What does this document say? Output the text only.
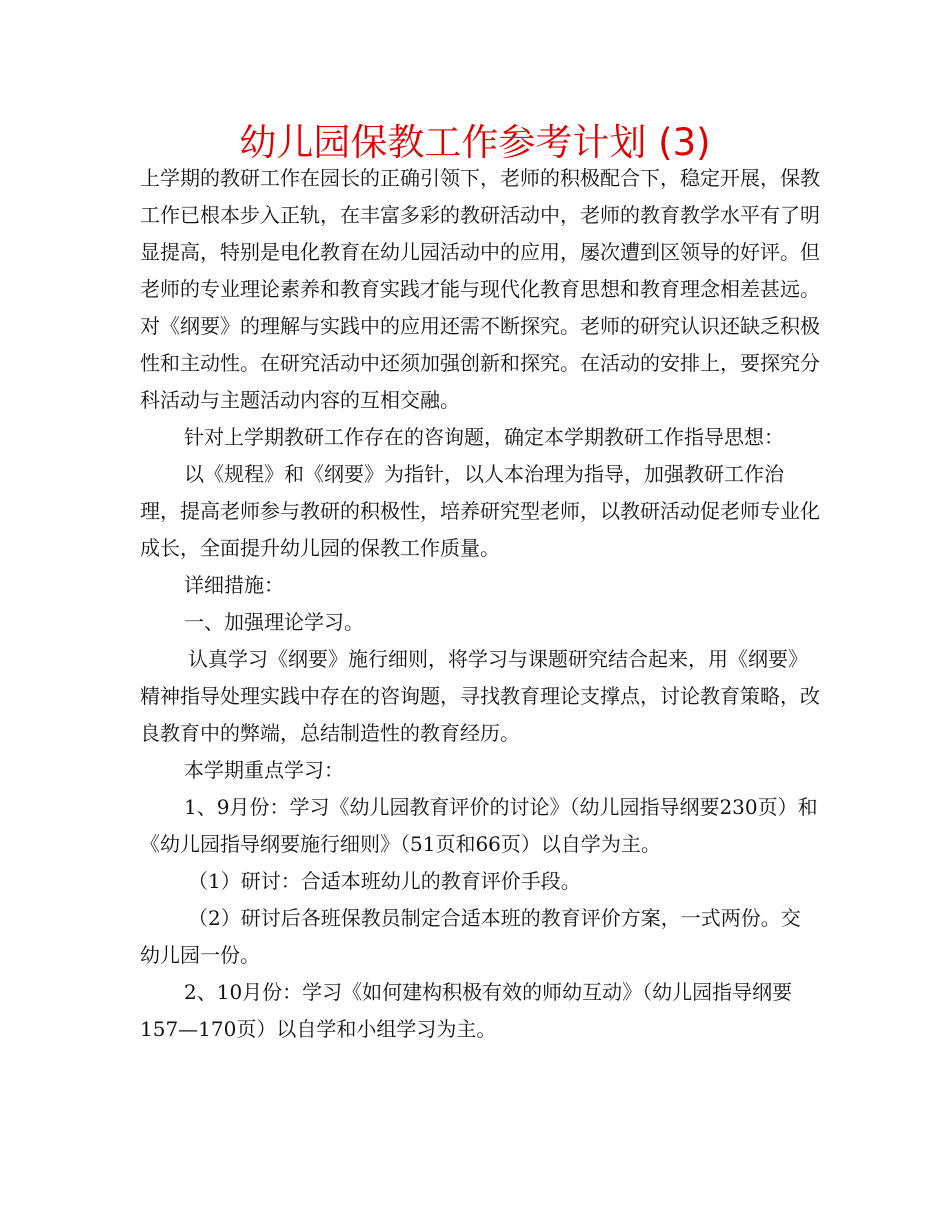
幼儿园保教工作参考计划 (3)

上学期的教研工作在园长的正确引领下，老师的积极配合下，稳定开展，保教工作已根本步入正轨，在丰富多彩的教研活动中，老师的教育教学水平有了明显提高，特别是电化教育在幼儿园活动中的应用，屡次遭到区领导的好评。但老师的专业理论素养和教育实践才能与现代化教育思想和教育理念相差甚远。对《纲要》的理解与实践中的应用还需不断探究。老师的研究认识还缺乏积极性和主动性。在研究活动中还须加强创新和探究。在活动的安排上，要探究分科活动与主题活动内容的互相交融。

针对上学期教研工作存在的咨询题，确定本学期教研工作指导思想：

以《规程》和《纲要》为指针，以人本治理为指导，加强教研工作治理，提高老师参与教研的积极性，培养研究型老师，以教研活动促老师专业化成长，全面提升幼儿园的保教工作质量。

详细措施：

一、加强理论学习。

认真学习《纲要》施行细则，将学习与课题研究结合起来，用《纲要》精神指导处理实践中存在的咨询题，寻找教育理论支撑点，讨论教育策略，改良教育中的弊端，总结制造性的教育经历。

本学期重点学习：

1、9月份：学习《幼儿园教育评价的讨论》（幼儿园指导纲要230页）和《幼儿园指导纲要施行细则》（51页和66页）以自学为主。

（1）研讨：合适本班幼儿的教育评价手段。

（2）研讨后各班保教员制定合适本班的教育评价方案，一式两份。交幼儿园一份。

2、10月份：学习《如何建构积极有效的师幼互动》（幼儿园指导纲要157—170页）以自学和小组学习为主。
